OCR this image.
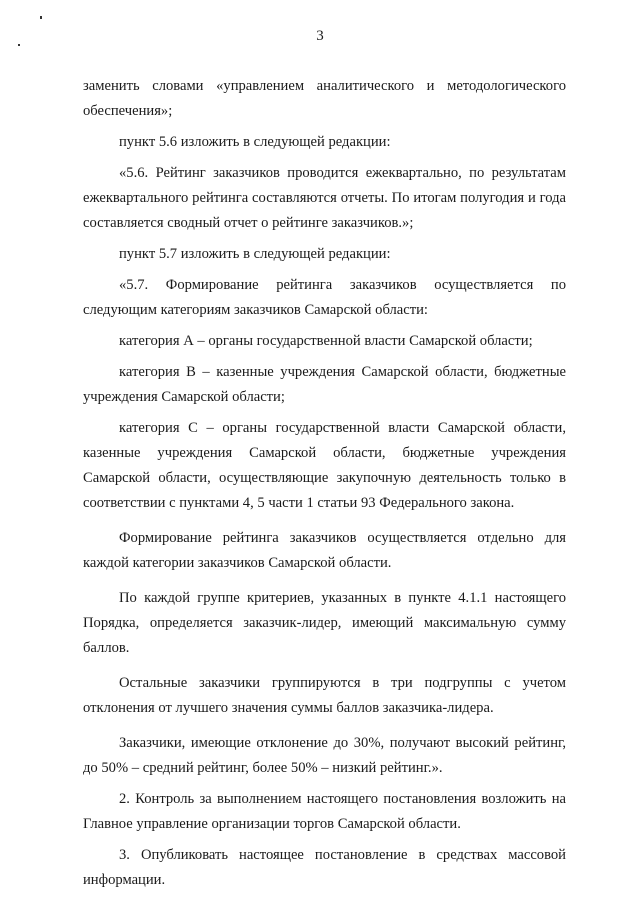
3

заменить словами «управлением аналитического и методологического обеспечения»;

пункт 5.6 изложить в следующей редакции:

«5.6. Рейтинг заказчиков проводится ежеквартально, по результатам ежеквартального рейтинга составляются отчеты. По итогам полугодия и года составляется сводный отчет о рейтинге заказчиков.»;

пункт 5.7 изложить в следующей редакции:

«5.7. Формирование рейтинга заказчиков осуществляется по следующим категориям заказчиков Самарской области:

категория А – органы государственной власти Самарской области;

категория В – казенные учреждения Самарской области, бюджетные учреждения Самарской области;

категория С – органы государственной власти Самарской области, казенные учреждения Самарской области, бюджетные учреждения Самарской области, осуществляющие закупочную деятельность только в соответствии с пунктами 4, 5 части 1 статьи 93 Федерального закона.

Формирование рейтинга заказчиков осуществляется отдельно для каждой категории заказчиков Самарской области.

По каждой группе критериев, указанных в пункте 4.1.1 настоящего Порядка, определяется заказчик-лидер, имеющий максимальную сумму баллов.

Остальные заказчики группируются в три подгруппы с учетом отклонения от лучшего значения суммы баллов заказчика-лидера.

Заказчики, имеющие отклонение до 30%, получают высокий рейтинг, до 50% – средний рейтинг, более 50% – низкий рейтинг.».

2. Контроль за выполнением настоящего постановления возложить на Главное управление организации торгов Самарской области.

3. Опубликовать настоящее постановление в средствах массовой информации.
